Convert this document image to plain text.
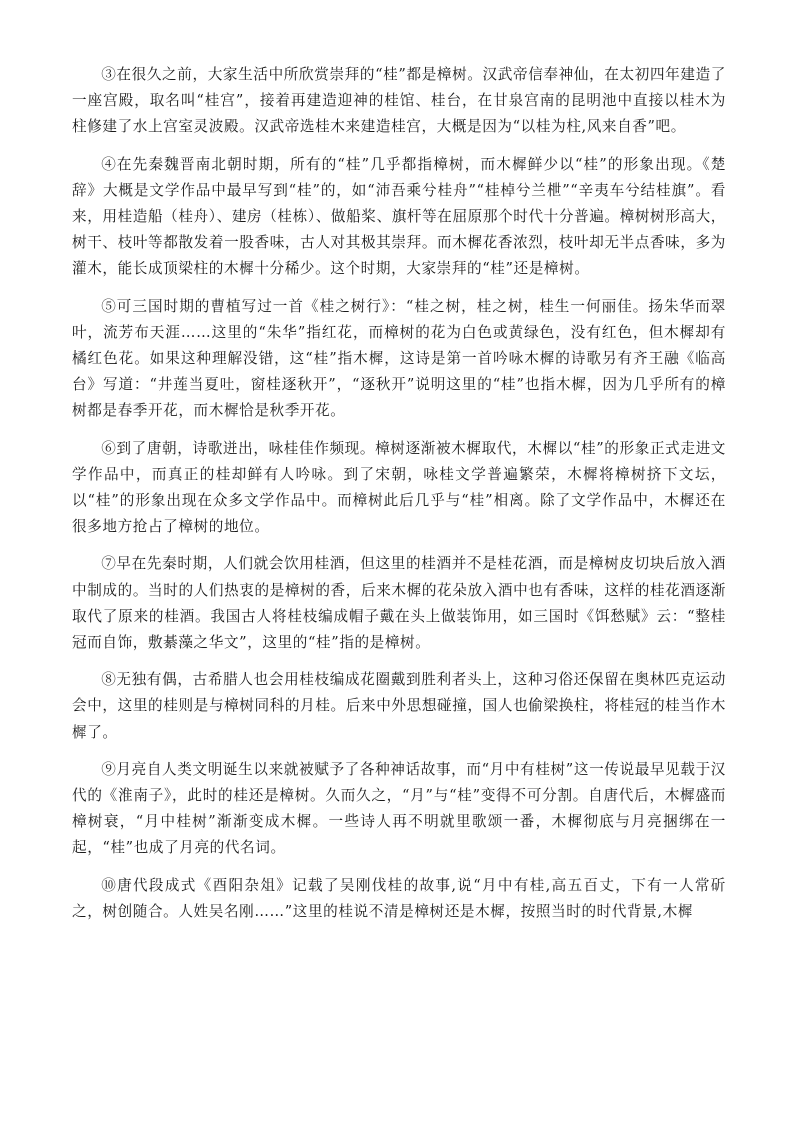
③在很久之前，大家生活中所欣赏崇拜的“桂”都是樟树。汉武帝信奉神仙，在太初四年建造了一座宫殿，取名叫“桂宫”，接着再建造迎神的桂馆、桂台，在甘泉宫南的昆明池中直接以桂木为柱修建了水上宫室灵波殿。汉武帝选桂木来建造桂宫，大概是因为“以桂为柱,风来自香”吧。

④在先秦魏晋南北朝时期，所有的“桂”几乎都指樟树，而木樨鲜少以“桂”的形象出现。《楚辞》大概是文学作品中最早写到“桂”的，如“沛吾乘兮桂舟”“桂棹兮兰枻”“辛夷车兮结桂旗”。看来，用桂造船（桂舟）、建房（桂栋）、做船桨、旗杆等在屈原那个时代十分普遍。樟树树形高大，树干、枝叶等都散发着一股香味，古人对其极其崇拜。而木樨花香浓烈，枝叶却无半点香味，多为灌木，能长成顶梁柱的木樨十分稀少。这个时期，大家崇拜的“桂”还是樟树。

⑤可三国时期的曹植写过一首《桂之树行》：“桂之树，桂之树，桂生一何丽佳。扬朱华而翠叶，流芳布天涯……这里的“朱华”指红花，而樟树的花为白色或黄绿色，没有红色，但木樨却有橘红色花。如果这种理解没错，这“桂”指木樨，这诗是第一首吟咏木樨的诗歌另有齐王融《临高台》写道：“井莲当夏吐，窗桂逐秋开”，“逐秋开”说明这里的“桂”也指木樨，因为几乎所有的樟树都是春季开花，而木樨恰是秋季开花。

⑥到了唐朝，诗歌迸出，咏桂佳作频现。樟树逐渐被木樨取代，木樨以“桂”的形象正式走进文学作品中，而真正的桂却鲜有人吟咏。到了宋朝，咏桂文学普遍繁荣，木樨将樟树挤下文坛，以“桂”的形象出现在众多文学作品中。而樟树此后几乎与“桂”相离。除了文学作品中，木樨还在很多地方抢占了樟树的地位。

⑦早在先秦时期，人们就会饮用桂酒，但这里的桂酒并不是桂花酒，而是樟树皮切块后放入酒中制成的。当时的人们热衷的是樟树的香，后来木樨的花朵放入酒中也有香味，这样的桂花酒逐渐取代了原来的桂酒。我国古人将桂枝编成帽子戴在头上做装饰用，如三国时《饵愁赋》云：“整桂冠而自饰，敷綦藻之华文”，这里的“桂”指的是樟树。

⑧无独有偶，古希腊人也会用桂枝编成花圈戴到胜利者头上，这种习俗还保留在奥林匹克运动会中，这里的桂则是与樟树同科的月桂。后来中外思想碰撞，国人也偷梁换柱，将桂冠的桂当作木樨了。

⑨月亮自人类文明诞生以来就被赋予了各种神话故事，而“月中有桂树”这一传说最早见载于汉代的《淮南子》，此时的桂还是樟树。久而久之，“月”与“桂”变得不可分割。自唐代后，木樨盛而樟树衰，“月中桂树”渐渐变成木樨。一些诗人再不明就里歌颂一番，木樨彻底与月亮捆绑在一起，“桂”也成了月亮的代名词。

⑩唐代段成式《酉阳杂俎》记载了吴刚伐桂的故事,说“月中有桂,高五百丈，下有一人常斫之，树创随合。人姓吴名刚……”这里的桂说不清是樟树还是木樨，按照当时的时代背景,木樨
